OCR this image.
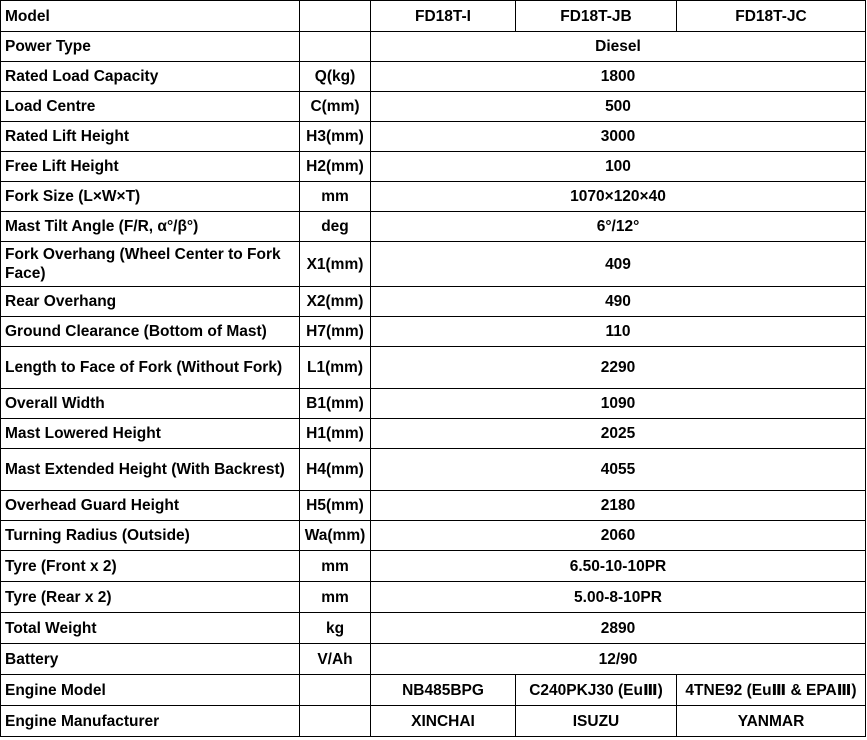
Model		FD18T-I	FD18T-JB	FD18T-JC
Power Type		Diesel		
Rated Load Capacity	Q(kg)	1800		
Load Centre	C(mm)	500		
Rated Lift Height	H3(mm)	3000		
Free Lift Height	H2(mm)	100		
Fork Size (L×W×T)	mm	1070×120×40		
Mast Tilt Angle (F/R, α°/β°)	deg	6°/12°		
Fork Overhang (Wheel Center to Fork Face)	X1(mm)	409		
Rear Overhang	X2(mm)	490		
Ground Clearance (Bottom of Mast)	H7(mm)	110		
Length to Face of Fork (Without Fork)	L1(mm)	2290		
Overall Width	B1(mm)	1090		
Mast Lowered Height	H1(mm)	2025		
Mast Extended Height (With Backrest)	H4(mm)	4055		
Overhead Guard Height	H5(mm)	2180		
Turning Radius (Outside)	Wa(mm)	2060		
Tyre (Front x 2)	mm	6.50-10-10PR		
Tyre (Rear x 2)	mm	5.00-8-10PR		
Total Weight	kg	2890		
Battery	V/Ah	12/90		
Engine Model		NB485BPG	C240PKJ30 (EuⅢ)	4TNE92 (EuⅢ & EPAⅢ)
Engine Manufacturer		XINCHAI	ISUZU	YANMAR
